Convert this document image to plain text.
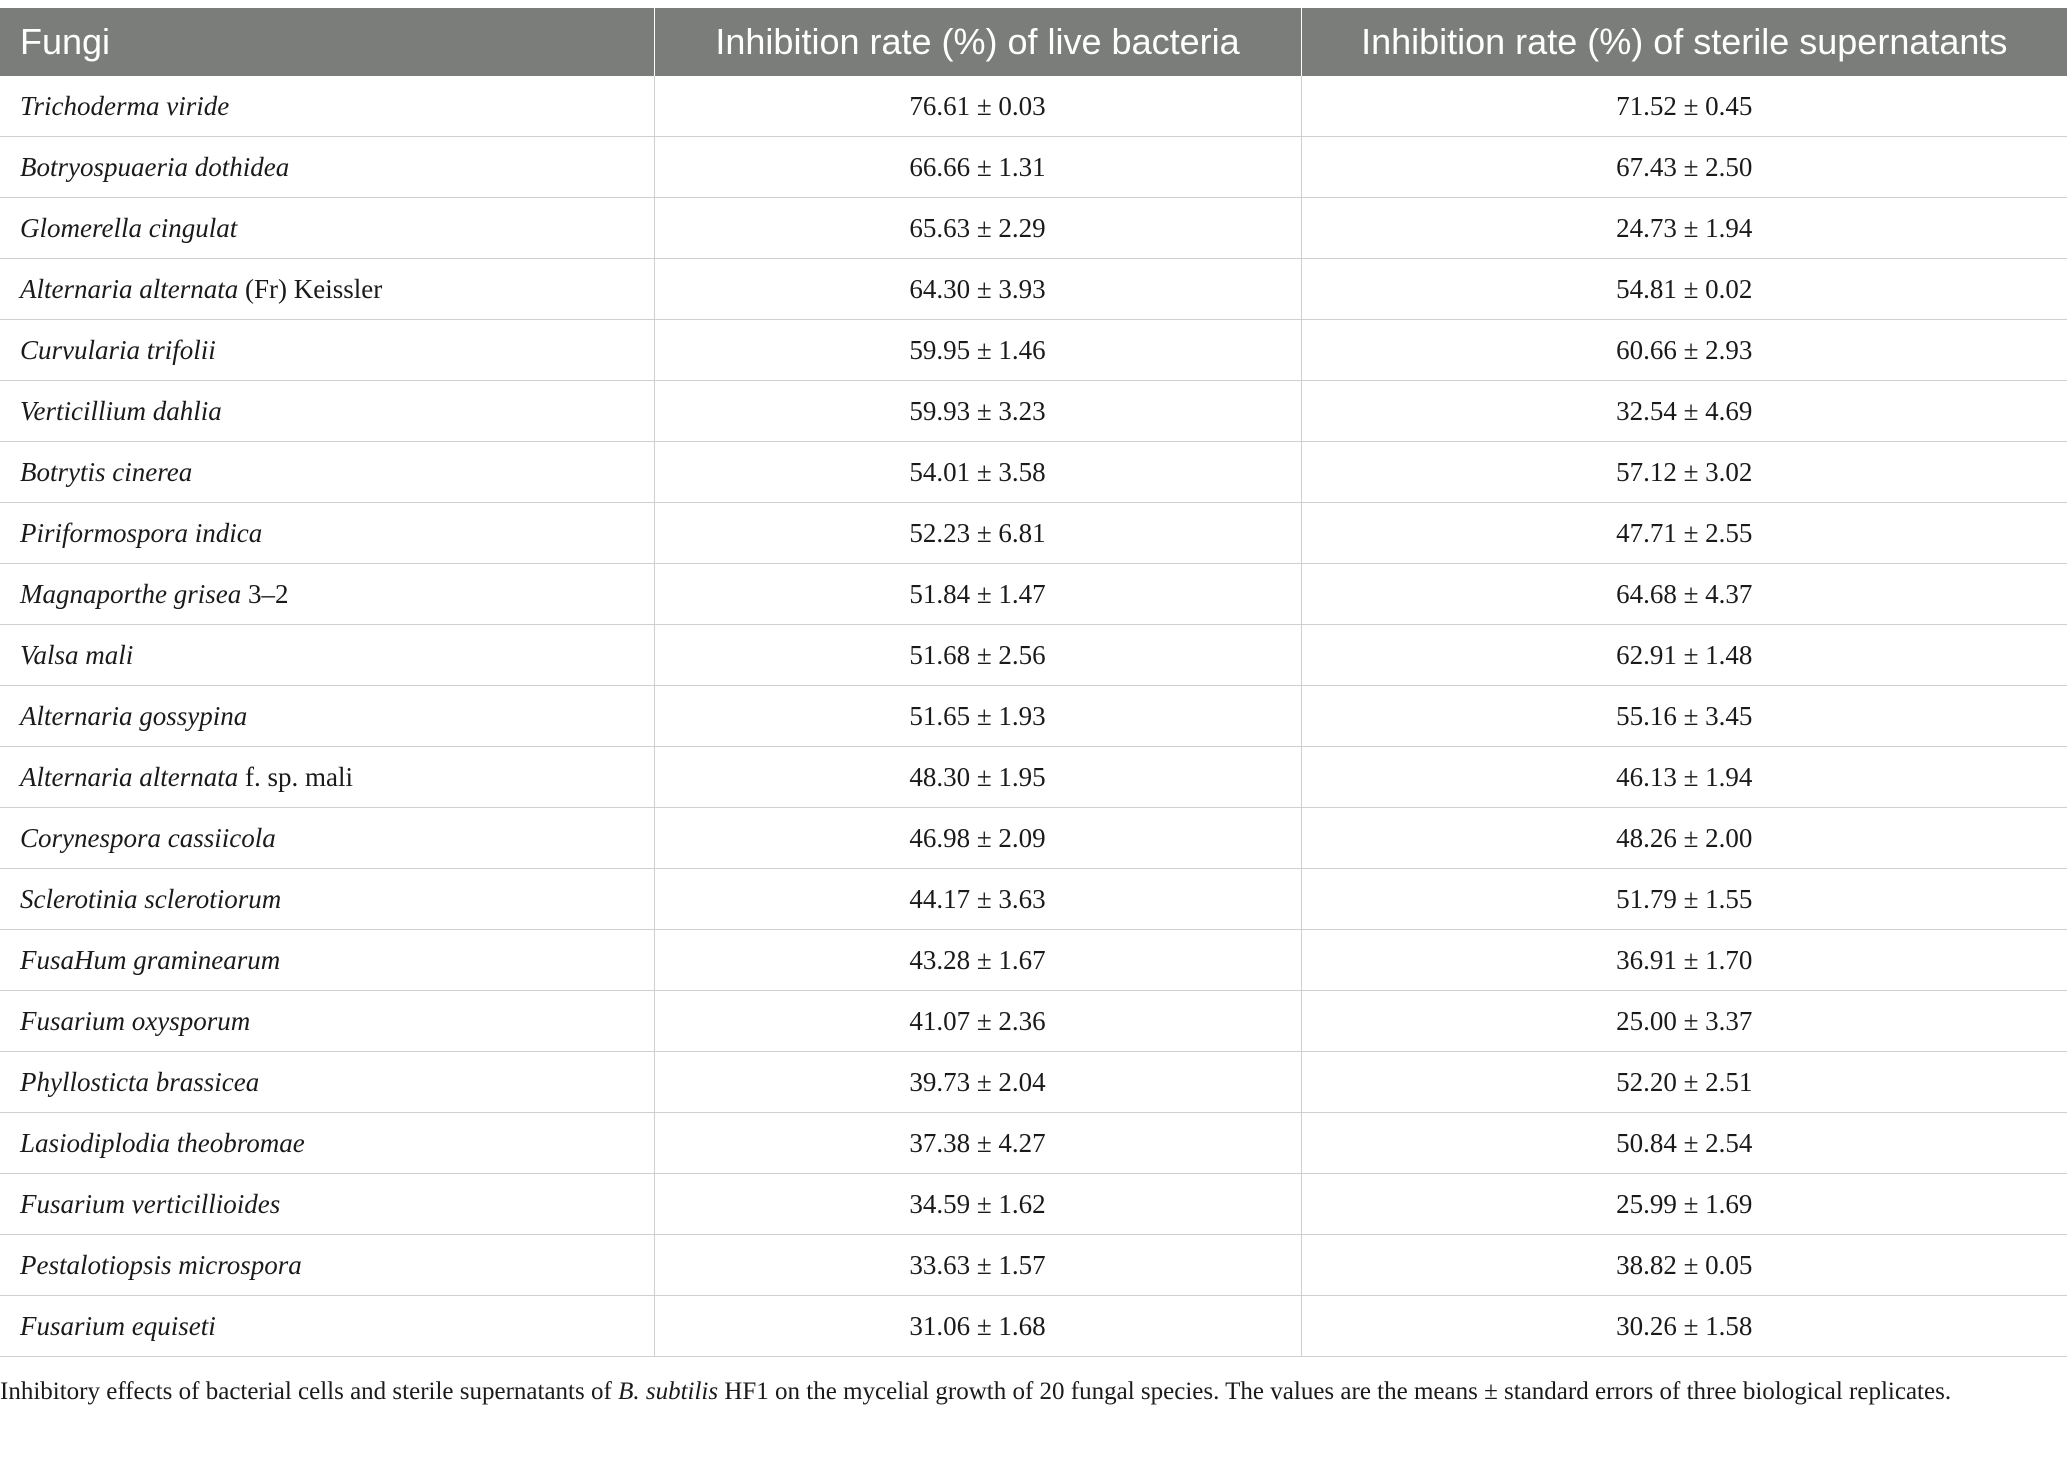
Fungi	Inhibition rate (%) of live bacteria	Inhibition rate (%) of sterile supernatants
Trichoderma viride	76.61 ± 0.03	71.52 ± 0.45
Botryospuaeria dothidea	66.66 ± 1.31	67.43 ± 2.50
Glomerella cingulat	65.63 ± 2.29	24.73 ± 1.94
Alternaria alternata (Fr) Keissler	64.30 ± 3.93	54.81 ± 0.02
Curvularia trifolii	59.95 ± 1.46	60.66 ± 2.93
Verticillium dahlia	59.93 ± 3.23	32.54 ± 4.69
Botrytis cinerea	54.01 ± 3.58	57.12 ± 3.02
Piriformospora indica	52.23 ± 6.81	47.71 ± 2.55
Magnaporthe grisea 3–2	51.84 ± 1.47	64.68 ± 4.37
Valsa mali	51.68 ± 2.56	62.91 ± 1.48
Alternaria gossypina	51.65 ± 1.93	55.16 ± 3.45
Alternaria alternata f. sp. mali	48.30 ± 1.95	46.13 ± 1.94
Corynespora cassiicola	46.98 ± 2.09	48.26 ± 2.00
Sclerotinia sclerotiorum	44.17 ± 3.63	51.79 ± 1.55
FusaHum graminearum	43.28 ± 1.67	36.91 ± 1.70
Fusarium oxysporum	41.07 ± 2.36	25.00 ± 3.37
Phyllosticta brassicea	39.73 ± 2.04	52.20 ± 2.51
Lasiodiplodia theobromae	37.38 ± 4.27	50.84 ± 2.54
Fusarium verticillioides	34.59 ± 1.62	25.99 ± 1.69
Pestalotiopsis microspora	33.63 ± 1.57	38.82 ± 0.05
Fusarium equiseti	31.06 ± 1.68	30.26 ± 1.58
Inhibitory effects of bacterial cells and sterile supernatants of B. subtilis HF1 on the mycelial growth of 20 fungal species. The values are the means ± standard errors of three biological replicates.
